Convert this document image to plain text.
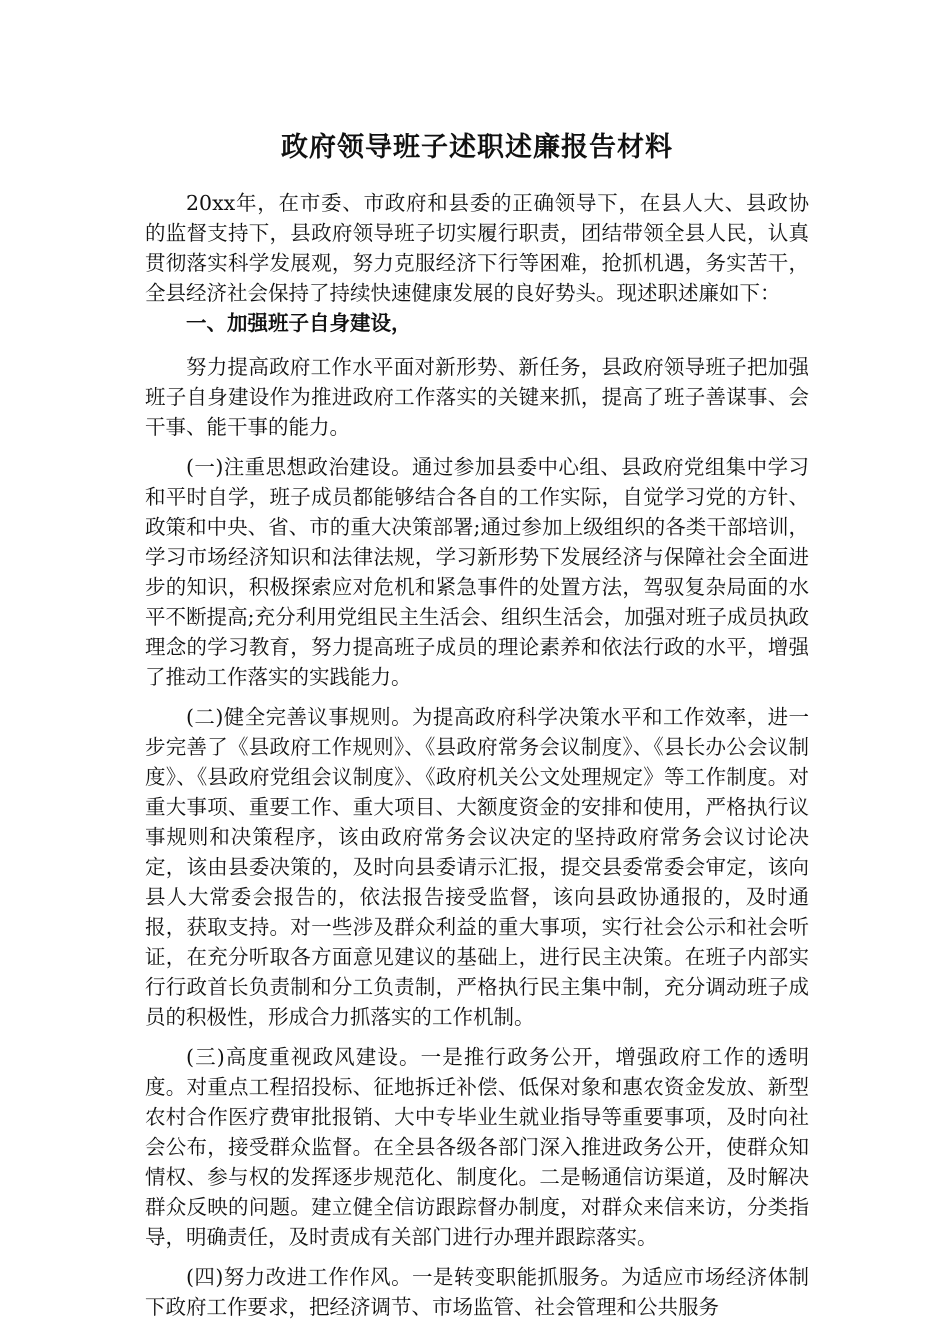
政府领导班子述职述廉报告材料

20xx年，在市委、市政府和县委的正确领导下，在县人大、县政协的监督支持下，县政府领导班子切实履行职责，团结带领全县人民，认真贯彻落实科学发展观，努力克服经济下行等困难，抢抓机遇，务实苦干，全县经济社会保持了持续快速健康发展的良好势头。现述职述廉如下：

一、加强班子自身建设，

努力提高政府工作水平面对新形势、新任务，县政府领导班子把加强班子自身建设作为推进政府工作落实的关键来抓，提高了班子善谋事、会干事、能干事的能力。

(一)注重思想政治建设。通过参加县委中心组、县政府党组集中学习和平时自学，班子成员都能够结合各自的工作实际，自觉学习党的方针、政策和中央、省、市的重大决策部署;通过参加上级组织的各类干部培训，学习市场经济知识和法律法规，学习新形势下发展经济与保障社会全面进步的知识，积极探索应对危机和紧急事件的处置方法，驾驭复杂局面的水平不断提高;充分利用党组民主生活会、组织生活会，加强对班子成员执政理念的学习教育，努力提高班子成员的理论素养和依法行政的水平，增强了推动工作落实的实践能力。

(二)健全完善议事规则。为提高政府科学决策水平和工作效率，进一步完善了《县政府工作规则》、《县政府常务会议制度》、《县长办公会议制度》、《县政府党组会议制度》、《政府机关公文处理规定》等工作制度。对重大事项、重要工作、重大项目、大额度资金的安排和使用，严格执行议事规则和决策程序，该由政府常务会议决定的坚持政府常务会议讨论决定，该由县委决策的，及时向县委请示汇报，提交县委常委会审定，该向县人大常委会报告的，依法报告接受监督，该向县政协通报的，及时通报，获取支持。对一些涉及群众利益的重大事项，实行社会公示和社会听证，在充分听取各方面意见建议的基础上，进行民主决策。在班子内部实行行政首长负责制和分工负责制，严格执行民主集中制，充分调动班子成员的积极性，形成合力抓落实的工作机制。

(三)高度重视政风建设。一是推行政务公开，增强政府工作的透明度。对重点工程招投标、征地拆迁补偿、低保对象和惠农资金发放、新型农村合作医疗费审批报销、大中专毕业生就业指导等重要事项，及时向社会公布，接受群众监督。在全县各级各部门深入推进政务公开，使群众知情权、参与权的发挥逐步规范化、制度化。二是畅通信访渠道，及时解决群众反映的问题。建立健全信访跟踪督办制度，对群众来信来访，分类指导，明确责任，及时责成有关部门进行办理并跟踪落实。

(四)努力改进工作作风。一是转变职能抓服务。为适应市场经济体制下政府工作要求，把经济调节、市场监管、社会管理和公共服务
